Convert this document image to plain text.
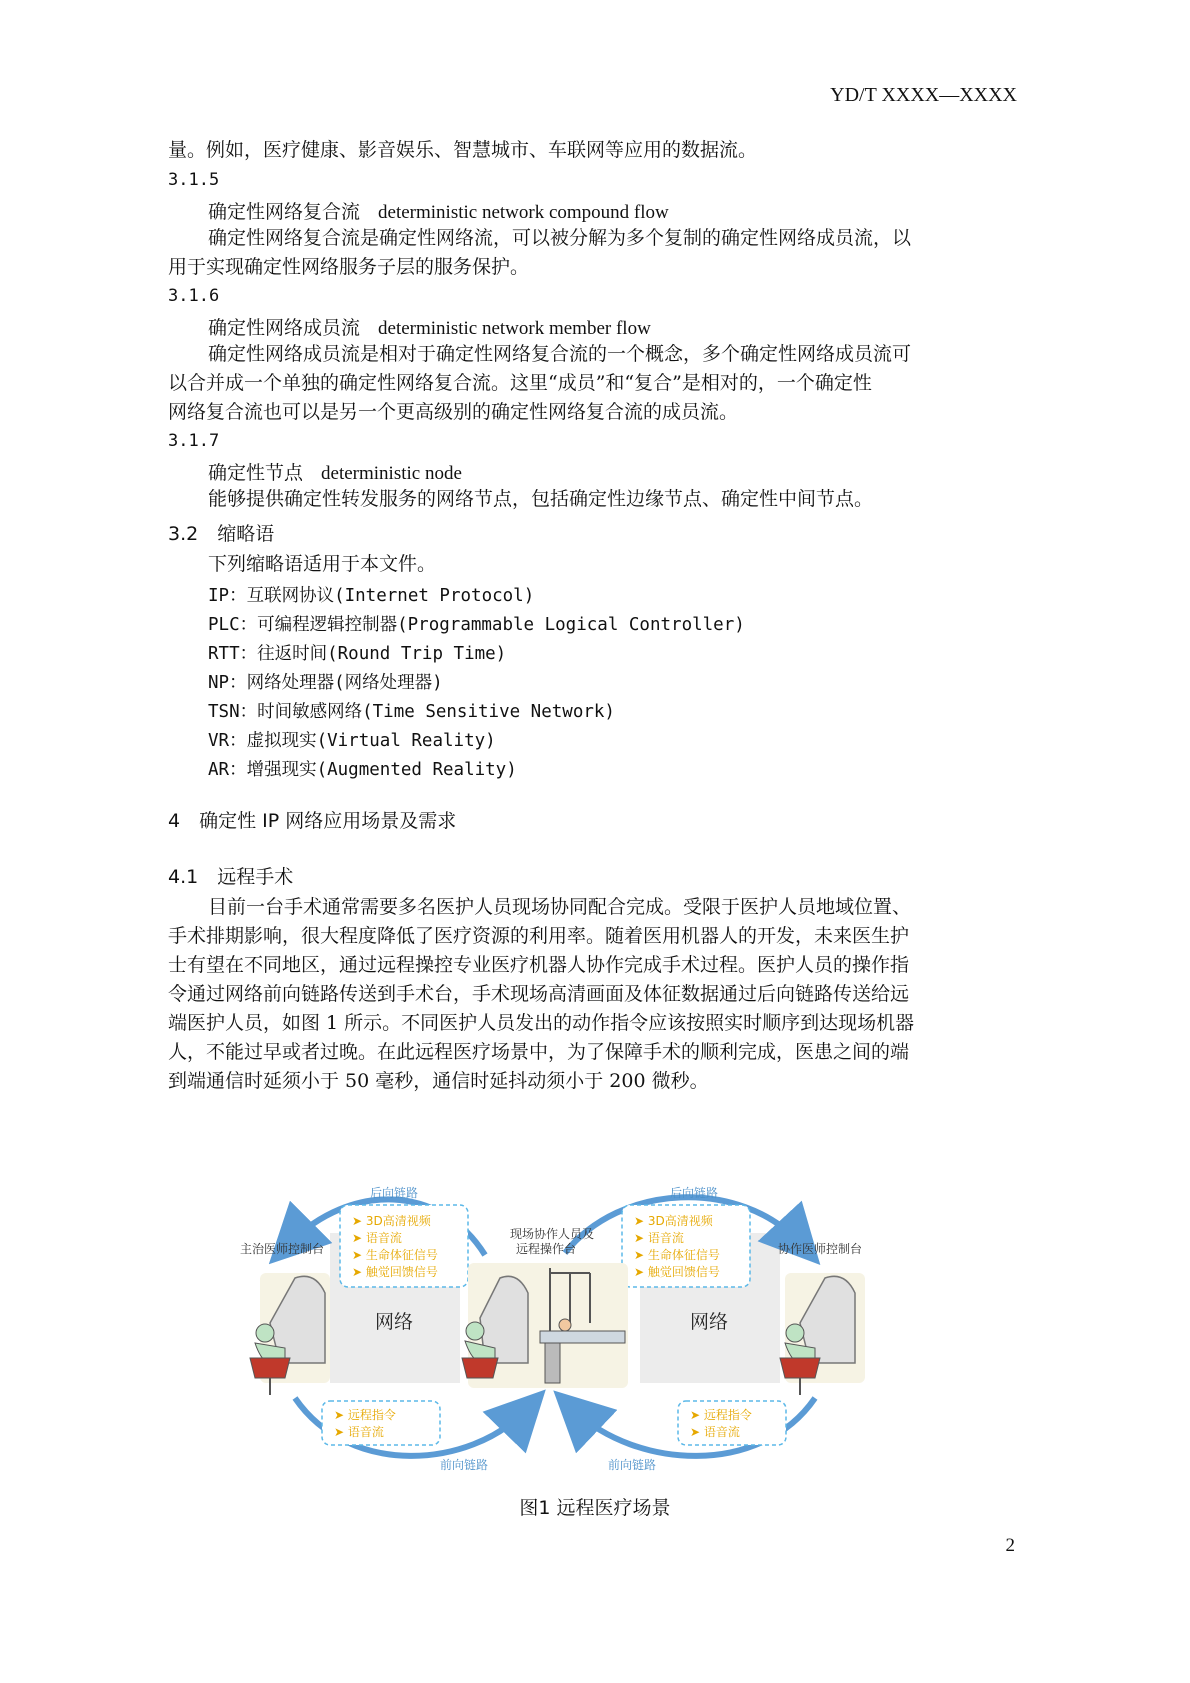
YD/T XXXX—XXXX
量。例如，医疗健康、影音娱乐、智慧城市、车联网等应用的数据流。
3.1.5
确定性网络复合流 deterministic network compound flow
确定性网络复合流是确定性网络流，可以被分解为多个复制的确定性网络成员流，以
用于实现确定性网络服务子层的服务保护。
3.1.6
确定性网络成员流 deterministic network member flow
确定性网络成员流是相对于确定性网络复合流的一个概念，多个确定性网络成员流可
以合并成一个单独的确定性网络复合流。这里“成员”和“复合”是相对的，一个确定性
网络复合流也可以是另一个更高级别的确定性网络复合流的成员流。
3.1.7
确定性节点 deterministic node
能够提供确定性转发服务的网络节点，包括确定性边缘节点、确定性中间节点。
3.2　缩略语
下列缩略语适用于本文件。
IP：互联网协议(Internet Protocol)
PLC：可编程逻辑控制器(Programmable Logical Controller)
RTT：往返时间(Round Trip Time)
NP：网络处理器(网络处理器)
TSN：时间敏感网络(Time Sensitive Network)
VR：虚拟现实(Virtual Reality)
AR：增强现实(Augmented Reality)
4　确定性 IP 网络应用场景及需求
4.1　远程手术
目前一台手术通常需要多名医护人员现场协同配合完成。受限于医护人员地域位置、
手术排期影响，很大程度降低了医疗资源的利用率。随着医用机器人的开发，未来医生护
士有望在不同地区，通过远程操控专业医疗机器人协作完成手术过程。医护人员的操作指
令通过网络前向链路传送到手术台，手术现场高清画面及体征数据通过后向链路传送给远
端医护人员，如图 1 所示。不同医护人员发出的动作指令应该按照实时顺序到达现场机器
人，不能过早或者过晚。在此远程医疗场景中，为了保障手术的顺利完成，医患之间的端
到端通信时延须小于 50 毫秒，通信时延抖动须小于 200 微秒。
后向链路	后向链路
前向链路	前向链路
➤ 3D高清视频
➤ 语音流
➤ 生命体征信号
➤ 触觉回馈信号
➤ 3D高清视频
➤ 语音流
➤ 生命体征信号
➤ 触觉回馈信号
➤ 远程指令
➤ 语音流
➤ 远程指令
➤ 语音流
网络	网络
主治医师控制台	协作医师控制台
现场协作人员及
远程操作台
图1 远程医疗场景
2
